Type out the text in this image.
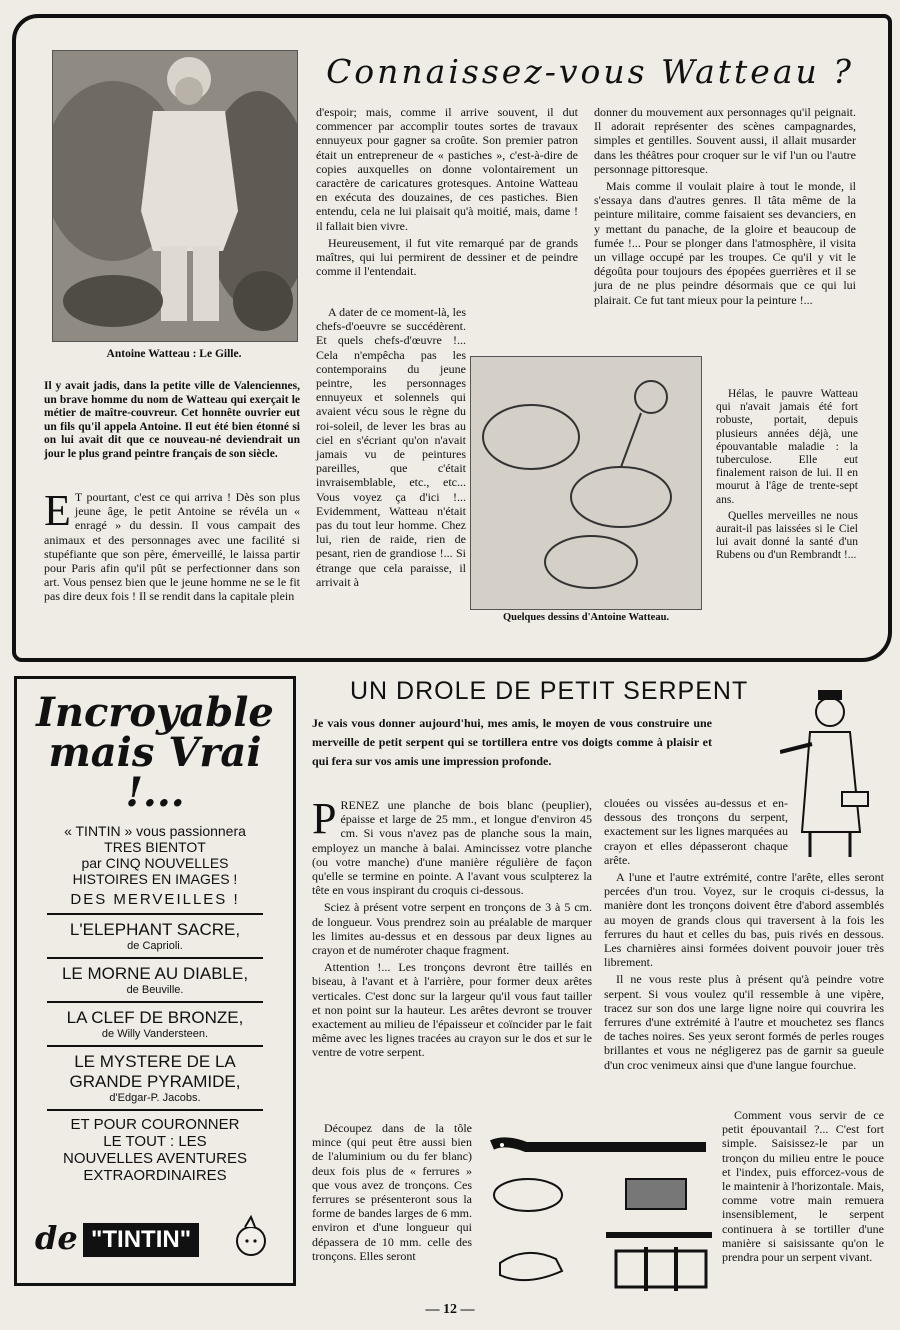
Antoine Watteau : Le Gille.
Connaissez-vous Watteau ?
Il y avait jadis, dans la petite ville de Valenciennes, un brave homme du nom de Watteau qui exerçait le métier de maître-couvreur. Cet honnête ouvrier eut un fils qu'il appela Antoine. Il eut été bien étonné si on lui avait dit que ce nouveau-né deviendrait un jour le plus grand peintre français de son siècle.
E T pourtant, c'est ce qui arriva ! Dès son plus jeune âge, le petit Antoine se révéla un « enragé » du dessin. Il vous campait des animaux et des personnages avec une facilité si stupéfiante que son père, émerveillé, le laissa partir pour Paris afin qu'il pût se perfectionner dans son art. Vous pensez bien que le jeune homme ne se le fit pas dire deux fois ! Il se rendit dans la capitale plein

d'espoir; mais, comme il arrive souvent, il dut commencer par accomplir toutes sortes de travaux ennuyeux pour gagner sa croûte. Son premier patron était un entrepreneur de « pastiches », c'est-à-dire de copies auxquelles on donne volontairement un caractère de caricatures grotesques. Antoine Watteau en exécuta des douzaines, de ces pastiches. Bien entendu, cela ne lui plaisait qu'à moitié, mais, dame ! il fallait bien vivre.

Heureusement, il fut vite remarqué par de grands maîtres, qui lui permirent de dessiner et de peindre comme il l'entendait.

A dater de ce moment-là, les chefs-d'oeuvre se succédèrent. Et quels chefs-d'œuvre !... Cela n'empêcha pas les contemporains du jeune peintre, les personnages ennuyeux et solennels qui avaient vécu sous le règne du roi-soleil, de lever les bras au ciel en s'écriant qu'on n'avait jamais vu de peintures pareilles, que c'était invraisemblable, etc., etc... Vous voyez ça d'ici !... Evidemment, Watteau n'était pas du tout leur homme. Chez lui, rien de raide, rien de pesant, rien de grandiose !... Si étrange que cela paraisse, il arrivait à

Quelques dessins d'Antoine Watteau.

donner du mouvement aux personnages qu'il peignait. Il adorait représenter des scènes campagnardes, simples et gentilles. Souvent aussi, il allait musarder dans les théâtres pour croquer sur le vif l'un ou l'autre personnage pittoresque.

Mais comme il voulait plaire à tout le monde, il s'essaya dans d'autres genres. Il tâta même de la peinture militaire, comme faisaient ses devanciers, en y mettant du panache, de la gloire et beaucoup de fumée !... Pour se plonger dans l'atmosphère, il visita un village occupé par les troupes. Ce qu'il y vit le dégoûta pour toujours des épopées guerrières et il se jura de ne plus peindre désormais que ce qui lui plairait. Ce fut tant mieux pour la peinture !...

Hélas, le pauvre Watteau qui n'avait jamais été fort robuste, portait, depuis plusieurs années déjà, une épouvantable maladie : la tuberculose. Elle eut finalement raison de lui. Il en mourut à l'âge de trente-sept ans.

Quelles merveilles ne nous aurait-il pas laissées si le Ciel lui avait donné la santé d'un Rubens ou d'un Rembrandt !...

Incroyable
mais Vrai !...
« TINTIN » vous passionnera
TRES BIENTOT
par CINQ NOUVELLES
HISTOIRES EN IMAGES !
DES MERVEILLES !
L'ELEPHANT SACRE,
de Caprioli.
LE MORNE AU DIABLE,
de Beuville.
LA CLEF DE BRONZE,
de Willy Vandersteen.
LE MYSTERE DE LA
GRANDE PYRAMIDE,
d'Edgar-P. Jacobs.
ET POUR COURONNER
LE TOUT : LES
NOUVELLES AVENTURES
EXTRAORDINAIRES
de "TINTIN"
UN DROLE DE PETIT SERPENT
Je vais vous donner aujourd'hui, mes amis, le moyen de vous construire une merveille de petit serpent qui se tortillera entre vos doigts comme à plaisir et qui fera sur vos amis une impression profonde.

P RENEZ une planche de bois blanc (peuplier), épaisse et large de 25 mm., et longue d'environ 45 cm. Si vous n'avez pas de planche sous la main, employez un manche à balai. Amincissez votre planche (ou votre manche) d'une manière régulière de façon qu'elle se termine en pointe. A l'avant vous sculpterez la tête en vous inspirant du croquis ci-dessous.

Sciez à présent votre serpent en tronçons de 3 à 5 cm. de longueur. Vous prendrez soin au préalable de marquer les limites au-dessus et en dessous par deux lignes au crayon et de numéroter chaque fragment.

Attention !... Les tronçons devront être taillés en biseau, à l'avant et à l'arrière, pour former deux arêtes verticales. C'est donc sur la largeur qu'il vous faut tailler et non point sur la hauteur. Les arêtes devront se trouver exactement au milieu de l'épaisseur et coïncider par le fait même avec les lignes tracées au crayon sur le dos et sur le ventre de votre serpent.

Découpez dans de la tôle mince (qui peut être aussi bien de l'aluminium ou du fer blanc) deux fois plus de « ferrures » que vous avez de tronçons. Ces ferrures se présenteront sous la forme de bandes larges de 6 mm. environ et d'une longueur qui dépassera de 10 mm. celle des tronçons. Elles seront

clouées ou vissées au-dessus et en-dessous des tronçons du serpent, exactement sur les lignes marquées au crayon et elles dépasseront chaque arête.

A l'une et l'autre extrémité, contre l'arête, elles seront percées d'un trou. Voyez, sur le croquis ci-dessus, la manière dont les tronçons doivent être d'abord assemblés au moyen de grands clous qui traversent à la fois les ferrures du haut et celles du bas, puis rivés en dessous. Les charnières ainsi formées doivent pouvoir jouer très librement.

Il ne vous reste plus à présent qu'à peindre votre serpent. Si vous voulez qu'il ressemble à une vipère, tracez sur son dos une large ligne noire qui couvrira les ferrures d'une extrémité à l'autre et mouchetez ses flancs de taches noires. Ses yeux seront formés de perles rouges brillantes et vous ne négligerez pas de garnir sa gueule d'un croc venimeux ainsi que d'une langue fourchue.

Comment vous servir de ce petit épouvantail ?... C'est fort simple. Saisissez-le par un tronçon du milieu entre le pouce et l'index, puis efforcez-vous de le maintenir à l'horizontale. Mais, comme votre main remuera insensiblement, le serpent continuera à se tortiller d'une manière si saisissante qu'on le prendra pour un serpent vivant.

— 12 —
